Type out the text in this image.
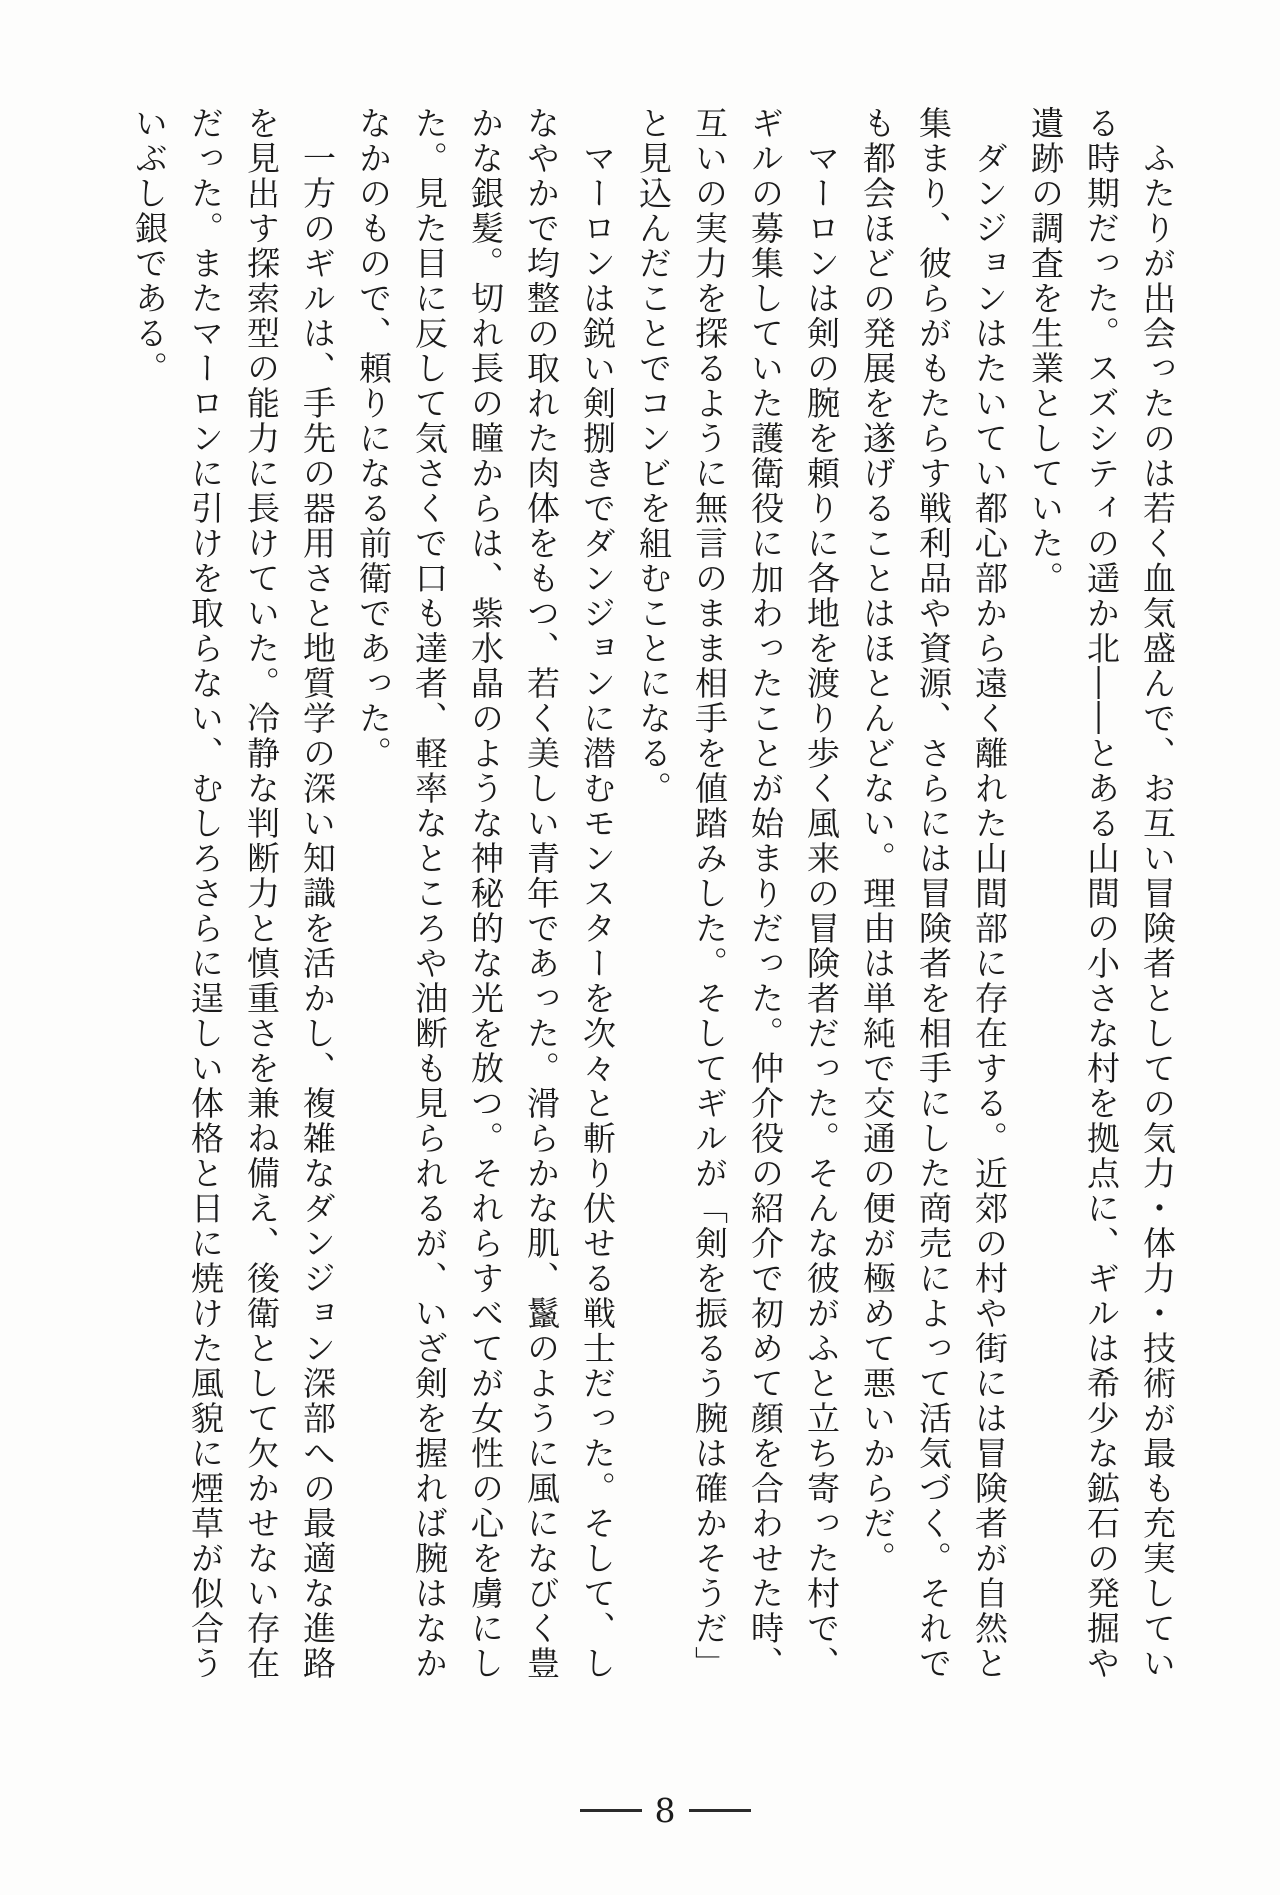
ふたりが出会ったのは若く血気盛んで、お互い冒険者としての気力・体力・技術が最も充実している時期だった。スズシティの遥か北――とある山間の小さな村を拠点に、ギルは希少な鉱石の発掘や遺跡の調査を生業としていた。

ダンジョンはたいてい都心部から遠く離れた山間部に存在する。近郊の村や街には冒険者が自然と集まり、彼らがもたらす戦利品や資源、さらには冒険者を相手にした商売によって活気づく。それでも都会ほどの発展を遂げることはほとんどない。理由は単純で交通の便が極めて悪いからだ。

マーロンは剣の腕を頼りに各地を渡り歩く風来の冒険者だった。そんな彼がふと立ち寄った村で、ギルの募集していた護衛役に加わったことが始まりだった。仲介役の紹介で初めて顔を合わせた時、互いの実力を探るように無言のまま相手を値踏みした。そしてギルが「剣を振るう腕は確かそうだ」と見込んだことでコンビを組むことになる。

マーロンは鋭い剣捌きでダンジョンに潜むモンスターを次々と斬り伏せる戦士だった。そして、しなやかで均整の取れた肉体をもつ、若く美しい青年であった。滑らかな肌、鬣のように風になびく豊かな銀髪。切れ長の瞳からは、紫水晶のような神秘的な光を放つ。それらすべてが女性の心を虜にした。見た目に反して気さくで口も達者、軽率なところや油断も見られるが、いざ剣を握れば腕はなかなかのもので、頼りになる前衛であった。

一方のギルは、手先の器用さと地質学の深い知識を活かし、複雑なダンジョン深部への最適な進路を見出す探索型の能力に長けていた。冷静な判断力と慎重さを兼ね備え、後衛として欠かせない存在だった。またマーロンに引けを取らない、むしろさらに逞しい体格と日に焼けた風貌に煙草が似合ういぶし銀である。

8
